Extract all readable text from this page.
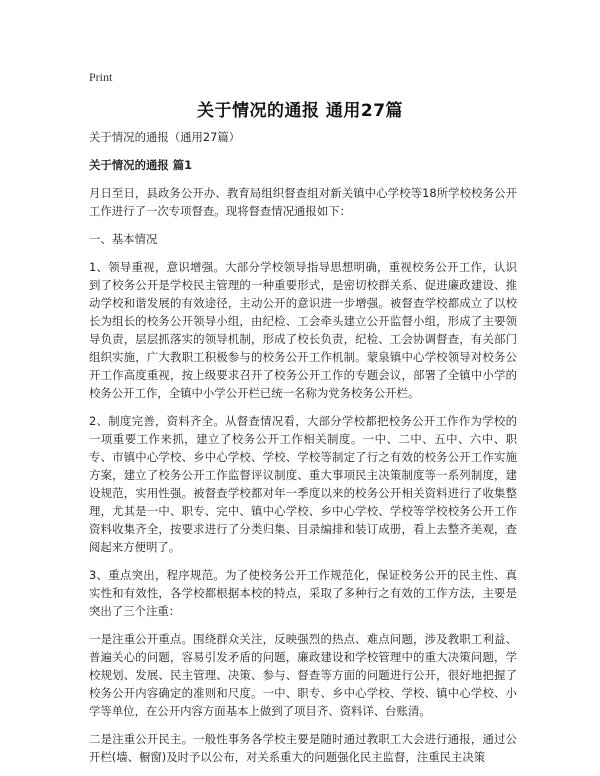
Print
关于情况的通报 通用27篇

关于情况的通报（通用27篇）

关于情况的通报 篇1

月日至日，县政务公开办、教育局组织督查组对新关镇中心学校等18所学校校务公开工作进行了一次专项督查。现将督查情况通报如下：

一、基本情况

1、领导重视，意识增强。大部分学校领导指导思想明确，重视校务公开工作，认识到了校务公开是学校民主管理的一种重要形式，是密切校群关系、促进廉政建设、推动学校和谐发展的有效途径，主动公开的意识进一步增强。被督查学校都成立了以校长为组长的校务公开领导小组，由纪检、工会牵头建立公开监督小组，形成了主要领导负责，层层抓落实的领导机制，形成了校长负责，纪检、工会协调督查，有关部门组织实施，广大教职工积极参与的校务公开工作机制。蒙泉镇中心学校领导对校务公开工作高度重视，按上级要求召开了校务公开工作的专题会议，部署了全镇中小学的校务公开工作，全镇中小学公开栏已统一名称为党务校务公开栏。

2、制度完善，资料齐全。从督查情况看，大部分学校都把校务公开工作作为学校的一项重要工作来抓，建立了校务公开工作相关制度。一中、二中、五中、六中、职专、市镇中心学校、乡中心学校、学校、学校等制定了行之有效的校务公开工作实施方案，建立了校务公开工作监督评议制度、重大事项民主决策制度等一系列制度，建设规范，实用性强。被督查学校都对年一季度以来的校务公开相关资料进行了收集整理，尤其是一中、职专、完中、镇中心学校、乡中心学校、学校等学校校务公开工作资料收集齐全，按要求进行了分类归集、目录编排和装订成册，看上去整齐美观，查阅起来方便明了。

3、重点突出，程序规范。为了使校务公开工作规范化，保证校务公开的民主性、真实性和有效性，各学校都根据本校的特点，采取了多种行之有效的工作方法，主要是突出了三个注重：

一是注重公开重点。围绕群众关注，反映强烈的热点、难点问题，涉及教职工利益、普遍关心的问题，容易引发矛盾的问题，廉政建设和学校管理中的重大决策问题，学校规划、发展、民主管理、决策、参与、督查等方面的问题进行公开，很好地把握了校务公开内容确定的准则和尺度。一中、职专、乡中心学校、学校、镇中心学校、小学等单位，在公开内容方面基本上做到了项目齐、资料详、台账清。

二是注重公开民主。一般性事务各学校主要是随时通过教职工大会进行通报，通过公开栏(墙、橱窗)及时予以公布，对关系重大的问题强化民主监督，注重民主决策
